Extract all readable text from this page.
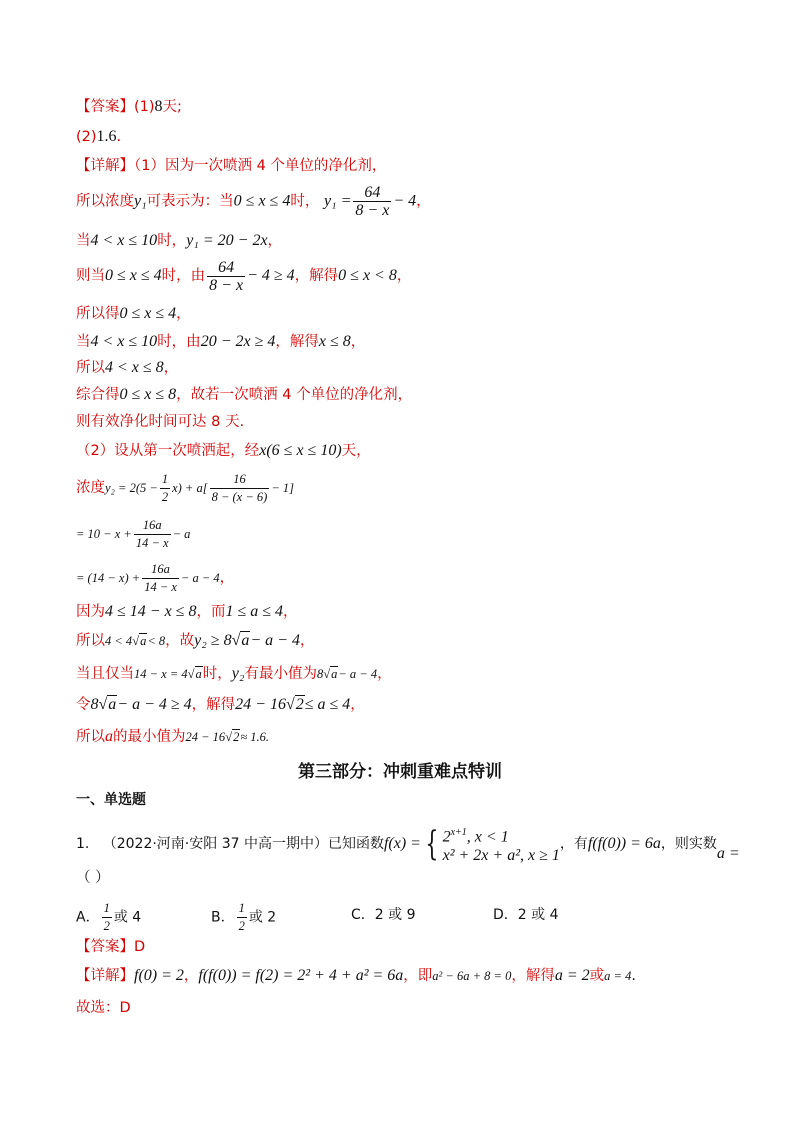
【答案】(1)8天;
(2)1.6.
【详解】（1）因为一次喷洒 4 个单位的净化剂，
所以浓度y₁可表示为：当0 ≤ x ≤ 4时， $y_1 = \frac{64}{8 - x} - 4$，
当4 < x ≤ 10时，y₁ = 20 − 2x，
则当0 ≤ x ≤ 4时，由 $\frac{64}{8 - x} - 4 \ge 4$，解得0 ≤ x < 8，
所以得0 ≤ x ≤ 4，
当4 < x ≤ 10时，由20 − 2x ≥ 4，解得x ≤ 8，
所以4 < x ≤ 8，
综合得0 ≤ x ≤ 8，故若一次喷洒 4 个单位的净化剂，
则有效净化时间可达 8 天.
（2）设从第一次喷洒起，经x(6 ≤ x ≤ 10)天，
浓度$y_2 = 2(5 - \frac{1}{2} x) + a[ \frac{16}{8 - (x - 6)} - 1]$
= $10 - x + \frac{16a}{14 - x} - a$
= $(14 - x) + \frac{16a}{14 - x} - a - 4$，
因为4 ≤ 14 − x ≤ 8，而1 ≤ a ≤ 4，
所以4 < 4√a< 8，故y₂ ≥ 8√a− a − 4，
当且仅当14 − x = 4√a时，y₂有最小值为8√a− a − 4，
令8√a− a − 4 ≥ 4，解得24 − 16√2≤ a ≤ 4，
所以a的最小值为24 − 16√2≈ 1.6.
第三部分：冲刺重难点特训
一、单选题
1. （2022·河南·安阳 37 中高一期中）已知函数f(x) = { $2^{x+1}$, x < 1
x² + 2x + a², x ≥ 1
，有f(f(0)) = 6a，则实数a =
（ ）
A． $\frac{1}{2}$ 或 4	B． $\frac{1}{2}$ 或 2	C．2 或 9	D．2 或 4
【答案】D
【详解】f(0) = 2，f(f(0)) = f(2) = 2² + 4 + a² = 6a，即a² − 6a + 8 = 0，解得a = 2或a = 4.
故选：D
